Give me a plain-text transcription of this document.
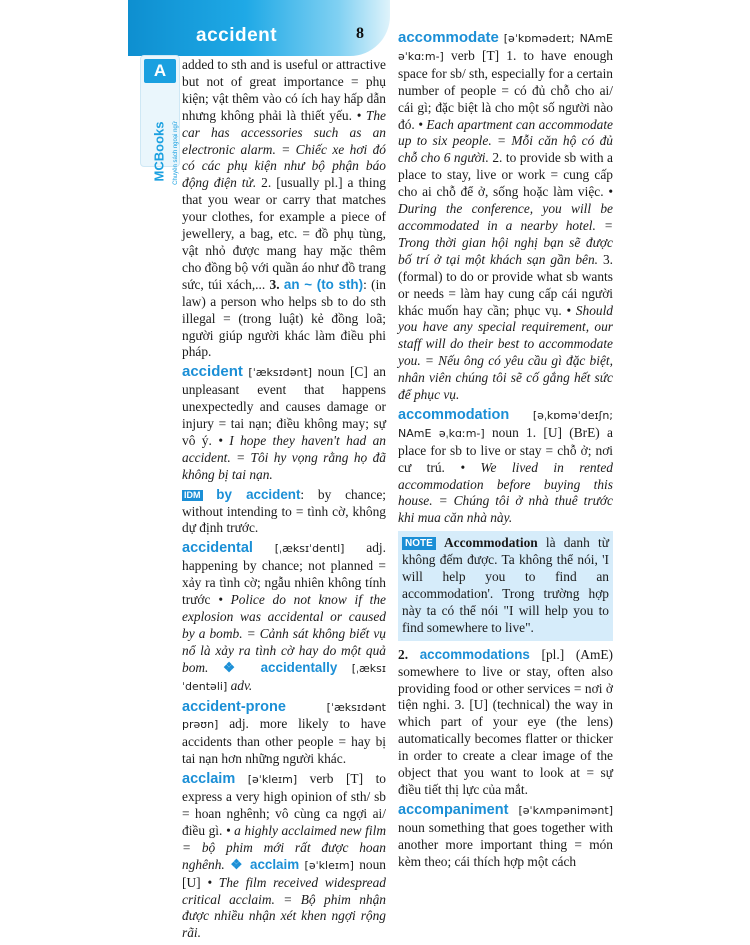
accident	8
A
MCBooks Chuyên sách ngoại ngữ

added to sth and is useful or attractive but not of great importance = phụ kiện; vật thêm vào có ích hay hấp dẫn nhưng không phải là thiết yếu. • The car has accessories such as an electronic alarm. = Chiếc xe hơi đó có các phụ kiện như bộ phận báo động điện tử. 2. [usually pl.] a thing that you wear or carry that matches your clothes, for example a piece of jewellery, a bag, etc. = đồ phụ tùng, vật nhỏ được mang hay mặc thêm cho đồng bộ với quần áo như đồ trang sức, túi xách,... 3. an ~ (to sth): (in law) a person who helps sb to do sth illegal = (trong luật) kẻ đồng loã; người giúp người khác làm điều phi pháp.

accident [ˈæksɪdənt] noun [C] an unpleasant event that happens unexpectedly and causes damage or injury = tai nạn; điều không may; sự vô ý. • I hope they haven't had an accident. = Tôi hy vọng rằng họ đã không bị tai nạn.

IDM by accident: by chance; without intending to = tình cờ, không dự định trước.

accidental [ˌæksɪˈdentl] adj. happening by chance; not planned = xảy ra tình cờ; ngẫu nhiên không tính trước • Police do not know if the explosion was accidental or caused by a bomb. = Cảnh sát không biết vụ nổ là xảy ra tình cờ hay do một quả bom. ❖ accidentally [ˌæksɪˈdentəli] adv.

accident-prone	[ˈæksɪdənt prəʊn] adj. more likely to have accidents than other people = hay bị tai nạn hơn những người khác.

acclaim [əˈkleɪm] verb [T] to express a very high opinion of sth/ sb = hoan nghênh; vô cùng ca ngợi ai/ điều gì. • a highly acclaimed new film = bộ phim mới rất được hoan nghênh. ❖ acclaim [əˈkleɪm] noun [U] • The film received widespread critical acclaim. = Bộ phim nhận được nhiều nhận xét khen ngợi rộng rãi.

accommodate [əˈkɒmədeɪt; NAmE əˈkɑːm-] verb [T] 1. to have enough space for sb/ sth, especially for a certain number of people = có đủ chỗ cho ai/ cái gì; đặc biệt là cho một số người nào đó. • Each apartment can accommodate up to six people. = Mỗi căn hộ có đủ chỗ cho 6 người. 2. to provide sb with a place to stay, live or work = cung cấp cho ai chỗ để ở, sống hoặc làm việc. • During the conference, you will be accommodated in a nearby hotel. = Trong thời gian hội nghị bạn sẽ được bố trí ở tại một khách sạn gần bên. 3. (formal) to do or provide what sb wants or needs = làm hay cung cấp cái người khác muốn hay cần; phục vụ. • Should you have any special requirement, our staff will do their best to accommodate you. = Nếu ông có yêu cầu gì đặc biệt, nhân viên chúng tôi sẽ cố gắng hết sức để phục vụ.

accommodation [əˌkɒməˈdeɪʃn; NAmE əˌkɑːm-] noun 1. [U] (BrE) a place for sb to live or stay = chỗ ở; nơi cư trú. • We lived in rented accommodation before buying this house. = Chúng tôi ở nhà thuê trước khi mua căn nhà này.

NOTE Accommodation là danh từ không đếm được. Ta không thể nói, 'I will help you to find an accommodation'. Trong trường hợp này ta có thể nói "I will help you to find somewhere to live".

2. accommodations [pl.] (AmE) somewhere to live or stay, often also providing food or other services = nơi ở tiện nghi. 3. [U] (technical) the way in which part of your eye (the lens) automatically becomes flatter or thicker in order to create a clear image of the object that you want to look at = sự điều tiết thị lực của mắt.

accompaniment [əˈkʌmpənimənt] noun something that goes together with another more important thing = món kèm theo; cái thích hợp một cách
